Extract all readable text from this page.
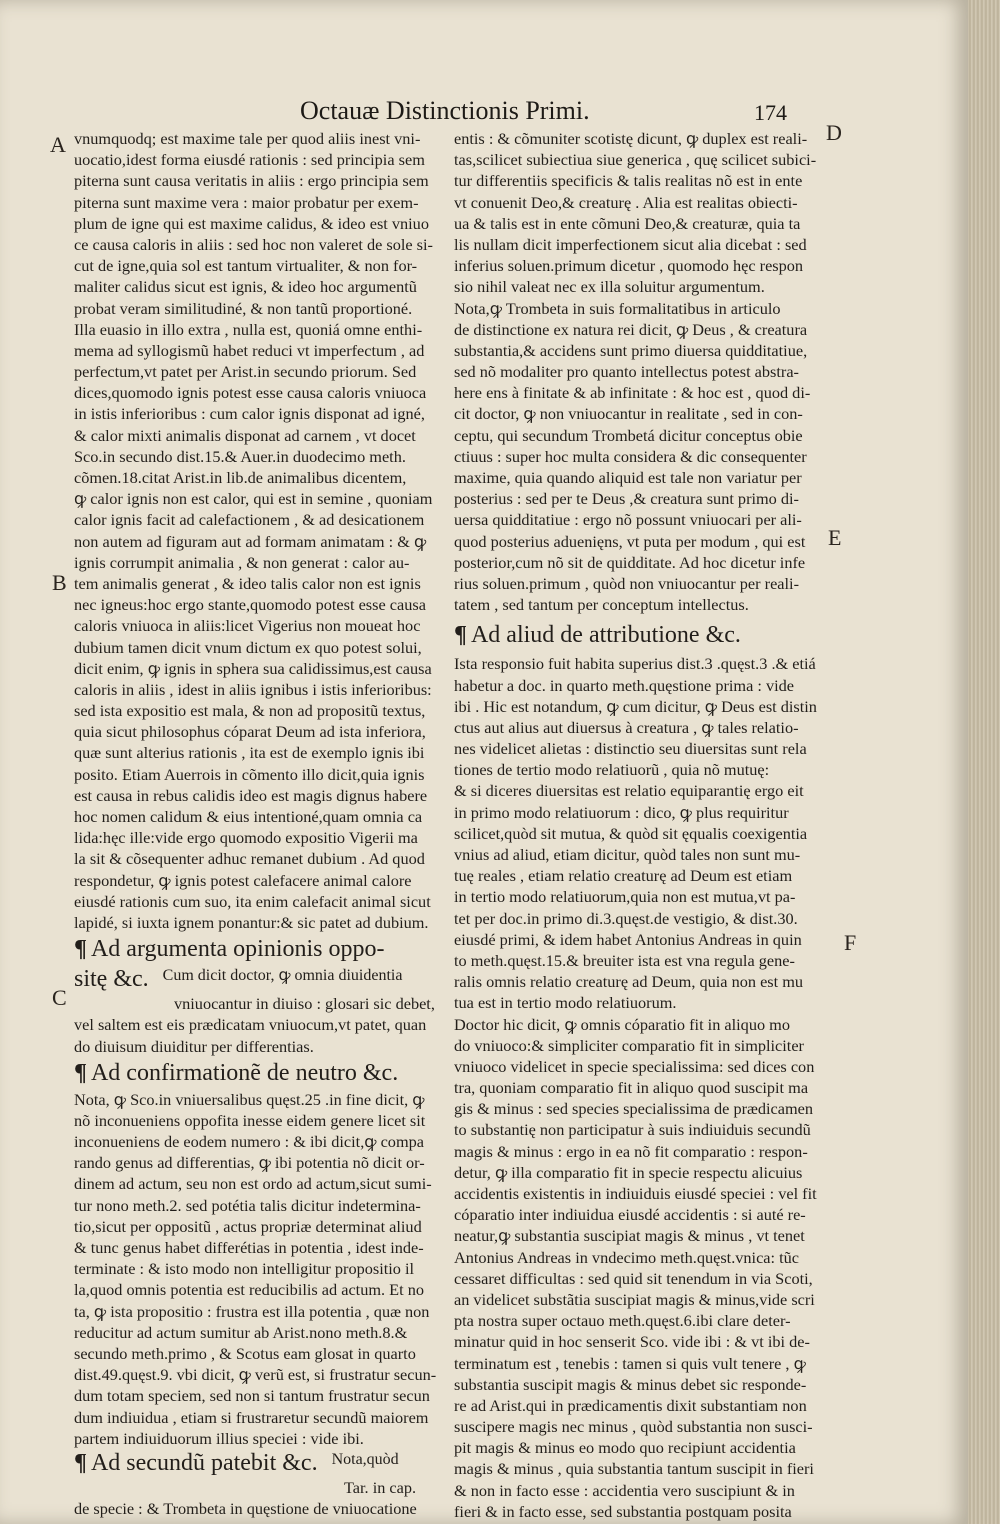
Octauæ Distinctionis Primi.	174
A
B
C
D
E
F
vnumquodq; est maxime tale per quod aliis inest vni-
uocatio,idest forma eiusdé rationis : sed principia sem
piterna sunt causa veritatis in aliis : ergo principia sem
piterna sunt maxime vera : maior probatur per exem-
plum de igne qui est maxime calidus, & ideo est vniuo
ce causa caloris in aliis : sed hoc non valeret de sole si-
cut de igne,quia sol est tantum virtualiter, & non for-
maliter calidus sicut est ignis, & ideo hoc argumentũ
probat veram similitudiné, & non tantũ proportioné.
Illa euasio in illo extra , nulla est, quoniá omne enthi-
mema ad syllogismũ habet reduci vt imperfectum , ad
perfectum,vt patet per Arist.in secundo priorum. Sed
dices,quomodo ignis potest esse causa caloris vniuoca
in istis inferioribus : cum calor ignis disponat ad igné,
& calor mixti animalis disponat ad carnem , vt docet
Sco.in secundo dist.15.& Auer.in duodecimo meth.
cõmen.18.citat Arist.in lib.de animalibus dicentem,
ꝙ calor ignis non est calor, qui est in semine , quoniam
calor ignis facit ad calefactionem , & ad desicationem
non autem ad figuram aut ad formam animatam : & ꝙ
ignis corrumpit animalia , & non generat : calor au-
tem animalis generat , & ideo talis calor non est ignis
nec igneus:hoc ergo stante,quomodo potest esse causa
caloris vniuoca in aliis:licet Vigerius non moueat hoc
dubium tamen dicit vnum dictum ex quo potest solui,
dicit enim, ꝙ ignis in sphera sua calidissimus,est causa
caloris in aliis , idest in aliis ignibus i istis inferioribus:
sed ista expositio est mala, & non ad propositũ textus,
quia sicut philosophus cóparat Deum ad ista inferiora,
quæ sunt alterius rationis , ita est de exemplo ignis ibi
posito. Etiam Auerrois in cõmento illo dicit,quia ignis
est causa in rebus calidis ideo est magis dignus habere
hoc nomen calidum & eius intentioné,quam omnia ca
lida:hęc ille:vide ergo quomodo expositio Vigerii ma
la sit & cõsequenter adhuc remanet dubium . Ad quod
respondetur, ꝙ ignis potest calefacere animal calore
eiusdé rationis cum suo, ita enim calefacit animal sicut
lapidé, si iuxta ignem ponantur:& sic patet ad dubium.
¶ Ad argumenta opinionis oppo-
sitę &c. Cum dicit doctor, ꝙ omnia diuidentia
vniuocantur in diuiso : glosari sic debet,
vel saltem est eis prædicatam vniuocum,vt patet, quan
do diuisum diuiditur per differentias.
¶ Ad confirmationẽ de neutro &c.
Nota, ꝙ Sco.in vniuersalibus quęst.25 .in fine dicit, ꝙ
nõ inconueniens oppofita inesse eidem genere licet sit
inconueniens de eodem numero : & ibi dicit,ꝙ compa
rando genus ad differentias, ꝙ ibi potentia nõ dicit or-
dinem ad actum, seu non est ordo ad actum,sicut sumi-
tur nono meth.2. sed potétia talis dicitur indetermina-
tio,sicut per oppositũ , actus propriæ determinat aliud
& tunc genus habet differétias in potentia , idest inde-
terminate : & isto modo non intelligitur propositio il
la,quod omnis potentia est reducibilis ad actum. Et no
ta, ꝙ ista propositio : frustra est illa potentia , quæ non
reducitur ad actum sumitur ab Arist.nono meth.8.&
secundo meth.primo , & Scotus eam glosat in quarto
dist.49.quęst.9. vbi dicit, ꝙ verũ est, si frustratur secun-
dum totam speciem, sed non si tantum frustratur secun
dum indiuidua , etiam si frustraretur secundũ maiorem
partem indiuiduorum illius speciei : vide ibi.
¶ Ad secundũ patebit &c. Nota,quòd
Tar. in cap.
de specie : & Trombeta in quęstione de vniuocatione
entis : & cõmuniter scotistę dicunt, ꝙ duplex est reali-
tas,scilicet subiectiua siue generica , quę scilicet subici-
tur differentiis specificis & talis realitas nõ est in ente
vt conuenit Deo,& creaturę . Alia est realitas obiecti-
ua & talis est in ente cõmuni Deo,& creaturæ, quia ta
lis nullam dicit imperfectionem sicut alia dicebat : sed
inferius soluen.primum dicetur , quomodo hęc respon
sio nihil valeat nec ex illa soluitur argumentum.
Nota,ꝙ Trombeta in suis formalitatibus in articulo
de distinctione ex natura rei dicit, ꝙ Deus , & creatura
substantia,& accidens sunt primo diuersa quidditatiue,
sed nõ modaliter pro quanto intellectus potest abstra-
here ens à finitate & ab infinitate : & hoc est , quod di-
cit doctor, ꝙ non vniuocantur in realitate , sed in con-
ceptu, qui secundum Trombetá dicitur conceptus obie
ctiuus : super hoc multa considera & dic consequenter
maxime, quia quando aliquid est tale non variatur per
posterius : sed per te Deus ,& creatura sunt primo di-
uersa quidditatiue : ergo nõ possunt vniuocari per ali-
quod posterius aduenięns, vt puta per modum , qui est
posterior,cum nõ sit de quidditate. Ad hoc dicetur infe
rius soluen.primum , quòd non vniuocantur per reali-
tatem , sed tantum per conceptum intellectus.
¶ Ad aliud de attributione &c.
Ista responsio fuit habita superius dist.3 .quęst.3 .& etiá
habetur a doc. in quarto meth.quęstione prima : vide
ibi . Hic est notandum, ꝙ cum dicitur, ꝙ Deus est distin
ctus aut alius aut diuersus à creatura , ꝙ tales relatio-
nes videlicet alietas : distinctio seu diuersitas sunt rela
tiones de tertio modo relatiuorũ , quia nõ mutuę:
& si diceres diuersitas est relatio equiparantię ergo eit
in primo modo relatiuorum : dico, ꝙ plus requiritur
scilicet,quòd sit mutua, & quòd sit ęqualis coexigentia
vnius ad aliud, etiam dicitur, quòd tales non sunt mu-
tuę reales , etiam relatio creaturę ad Deum est etiam
in tertio modo relatiuorum,quia non est mutua,vt pa-
tet per doc.in primo di.3.quęst.de vestigio, & dist.30.
eiusdé primi, & idem habet Antonius Andreas in quin
to meth.quęst.15.& breuiter ista est vna regula gene-
ralis omnis relatio creaturę ad Deum, quia non est mu
tua est in tertio modo relatiuorum.
Doctor hic dicit, ꝙ omnis cóparatio fit in aliquo mo
do vniuoco:& simpliciter comparatio fit in simpliciter
vniuoco videlicet in specie specialissima: sed dices con
tra, quoniam comparatio fit in aliquo quod suscipit ma
gis & minus : sed species specialissima de prædicamen
to substantię non participatur à suis indiuiduis secundũ
magis & minus : ergo in ea nõ fit comparatio : respon-
detur, ꝙ illa comparatio fit in specie respectu alicuius
accidentis existentis in indiuiduis eiusdé speciei : vel fit
cóparatio inter indiuidua eiusdé accidentis : si auté re-
neatur,ꝙ substantia suscipiat magis & minus , vt tenet
Antonius Andreas in vndecimo meth.quęst.vnica: tũc
cessaret difficultas : sed quid sit tenendum in via Scoti,
an videlicet substãtia suscipiat magis & minus,vide scri
pta nostra super octauo meth.quęst.6.ibi clare deter-
minatur quid in hoc senserit Sco. vide ibi : & vt ibi de-
terminatum est , tenebis : tamen si quis vult tenere , ꝙ
substantia suscipit magis & minus debet sic responde-
re ad Arist.qui in prædicamentis dixit substantiam non
suscipere magis nec minus , quòd substantia non susci-
pit magis & minus eo modo quo recipiunt accidentia
magis & minus , quia substantia tantum suscipit in fieri
& non in facto esse : accidentia vero suscipiunt & in
fieri & in facto esse, sed substantia postquam posita
